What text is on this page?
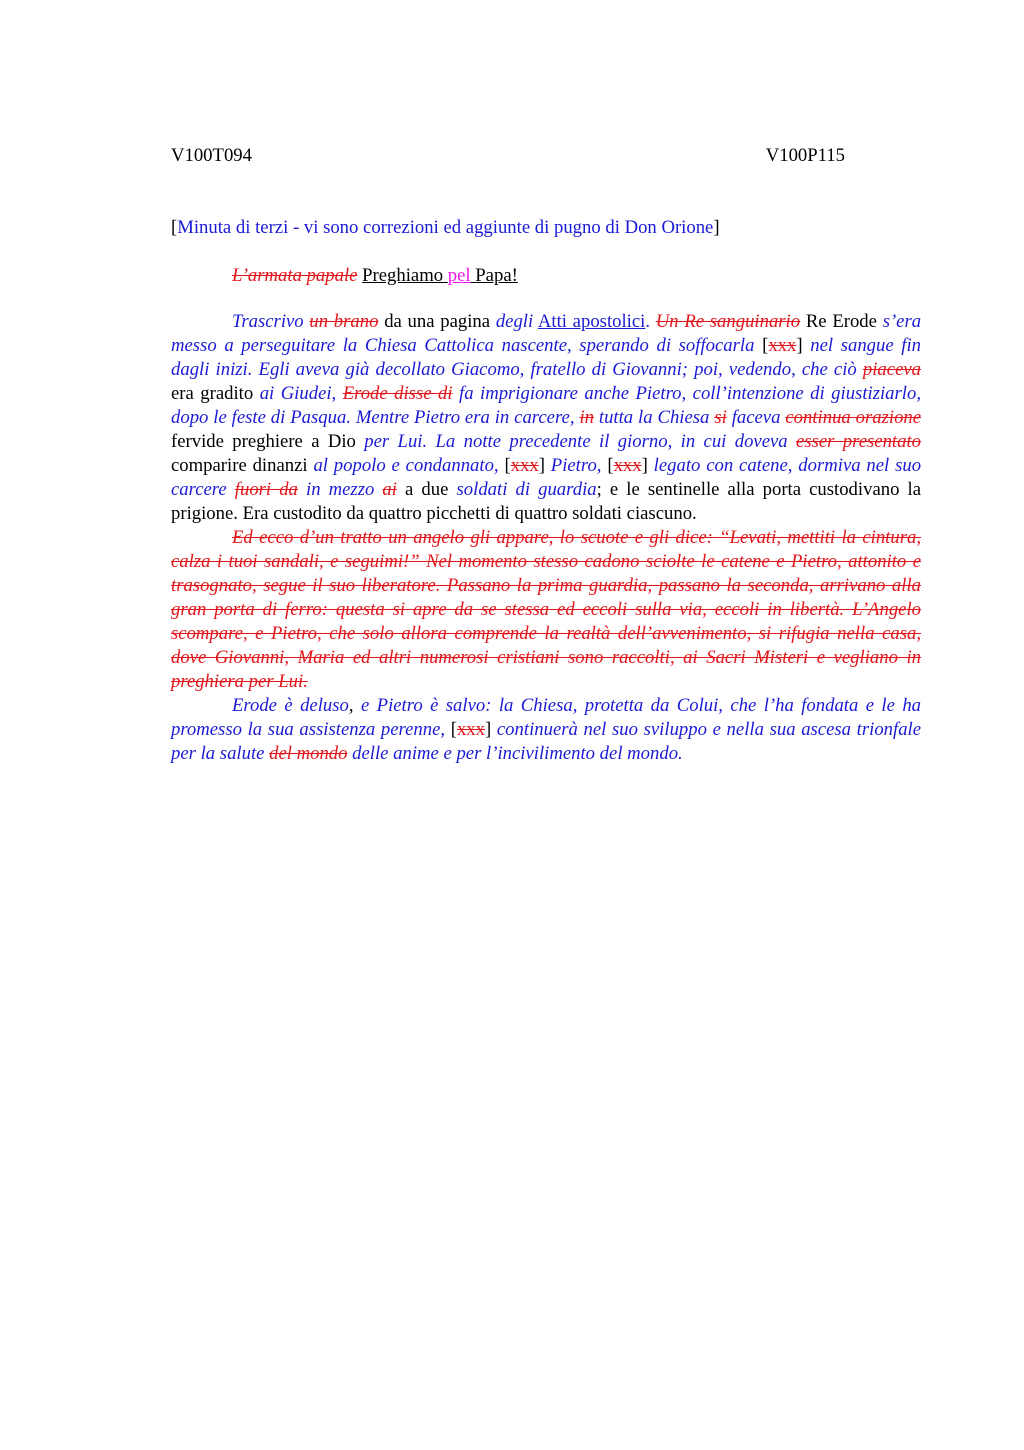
V100T094	V100P115
[Minuta di terzi - vi sono correzioni ed aggiunte di pugno di Don Orione]
L’armata papale Preghiamo pel Papa!

Trascrivo un brano da una pagina degli Atti apostolici. Un Re sanguinario Re Erode s’era messo a perseguitare la Chiesa Cattolica nascente, sperando di soffocarla [xxx] nel sangue fin dagli inizi. Egli aveva già decollato Giacomo, fratello di Giovanni; poi, vedendo, che ciò piaceva era gradito ai Giudei, Erode disse di fa imprigionare anche Pietro, coll’intenzione di giustiziarlo, dopo le feste di Pasqua. Mentre Pietro era in carcere, in tutta la Chiesa si faceva continua orazione fervide preghiere a Dio per Lui. La notte precedente il giorno, in cui doveva esser presentato comparire dinanzi al popolo e condannato, [xxx] Pietro, [xxx] legato con catene, dormiva nel suo carcere fuori da in mezzo ai a due soldati di guardia; e le sentinelle alla porta custodivano la prigione. Era custodito da quattro picchetti di quattro soldati ciascuno.

Ed ecco d’un tratto un angelo gli appare, lo scuote e gli dice: “Levati, mettiti la cintura, calza i tuoi sandali, e seguimi!” Nel momento stesso cadono sciolte le catene e Pietro, attonito e trasognato, segue il suo liberatore. Passano la prima guardia, passano la seconda, arrivano alla gran porta di ferro: questa si apre da se stessa ed eccoli sulla via, eccoli in libertà. L’Angelo scompare, e Pietro, che solo allora comprende la realtà dell’avvenimento, si rifugia nella casa, dove Giovanni, Maria ed altri numerosi cristiani sono raccolti, ai Sacri Misteri e vegliano in preghiera per Lui.

Erode è deluso, e Pietro è salvo: la Chiesa, protetta da Colui, che l’ha fondata e le ha promesso la sua assistenza perenne, [xxx] continuerà nel suo sviluppo e nella sua ascesa trionfale per la salute del mondo delle anime e per l’incivilimento del mondo.
